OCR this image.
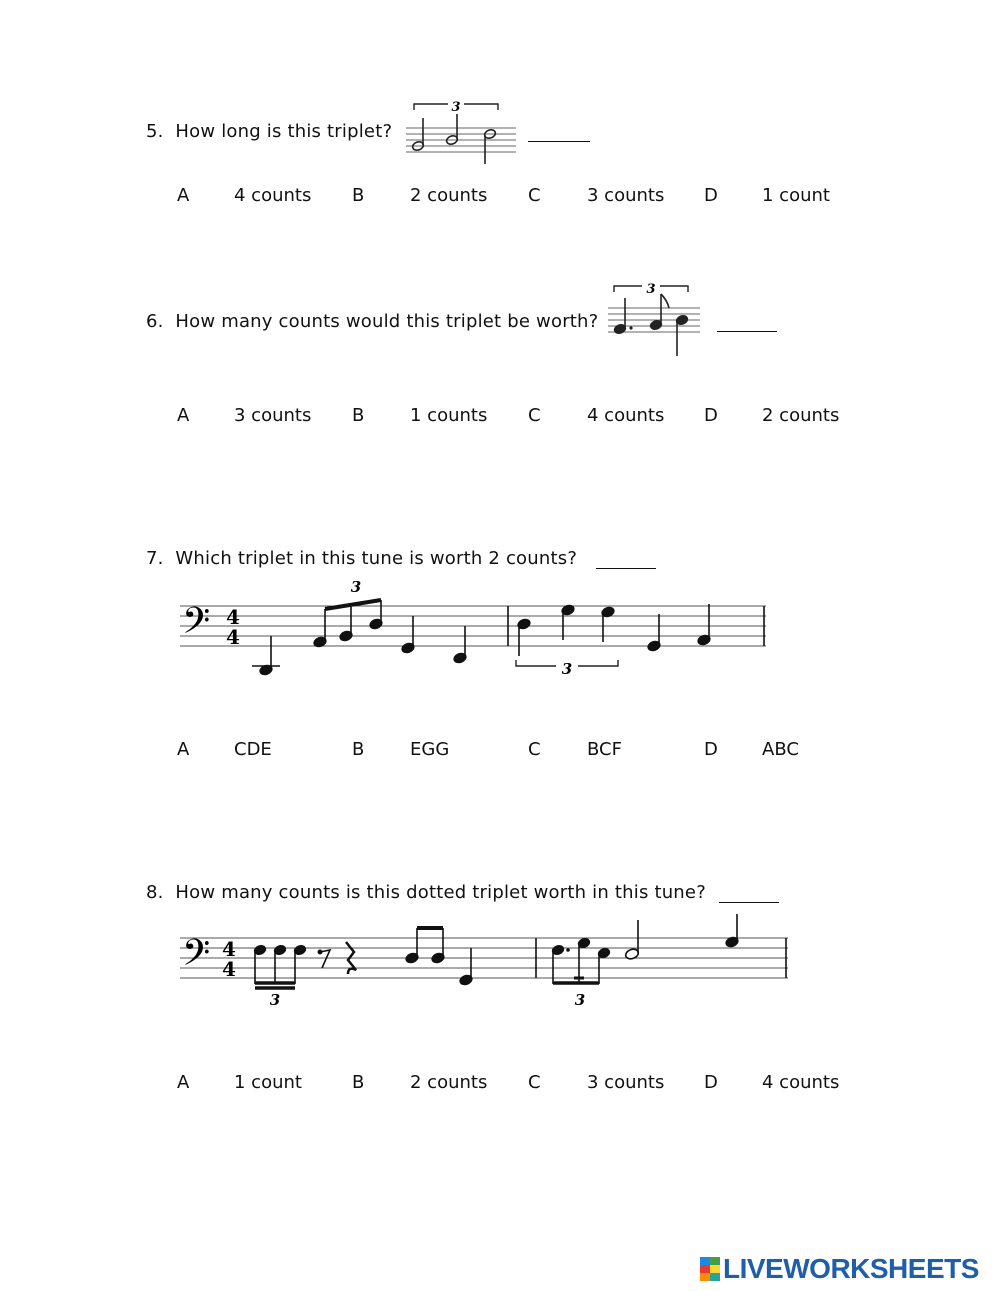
5. How long is this triplet?
3
A 4 counts B	2 counts C	3 counts D 1 count
6. How many counts would this triplet be worth?
3
A 3 counts B	1 counts C	4 counts D 2 counts
7. Which triplet in this tune is worth 2 counts?
𝄢 4
4
3
3
A CDE	B	EGG	C	BCF	D ABC
8. How many counts is this dotted triplet worth in this tune?
𝄢 4
4
3	3
A 1 count	B	2 counts C	3 counts D 4 counts
LIVEWORKSHEETS
